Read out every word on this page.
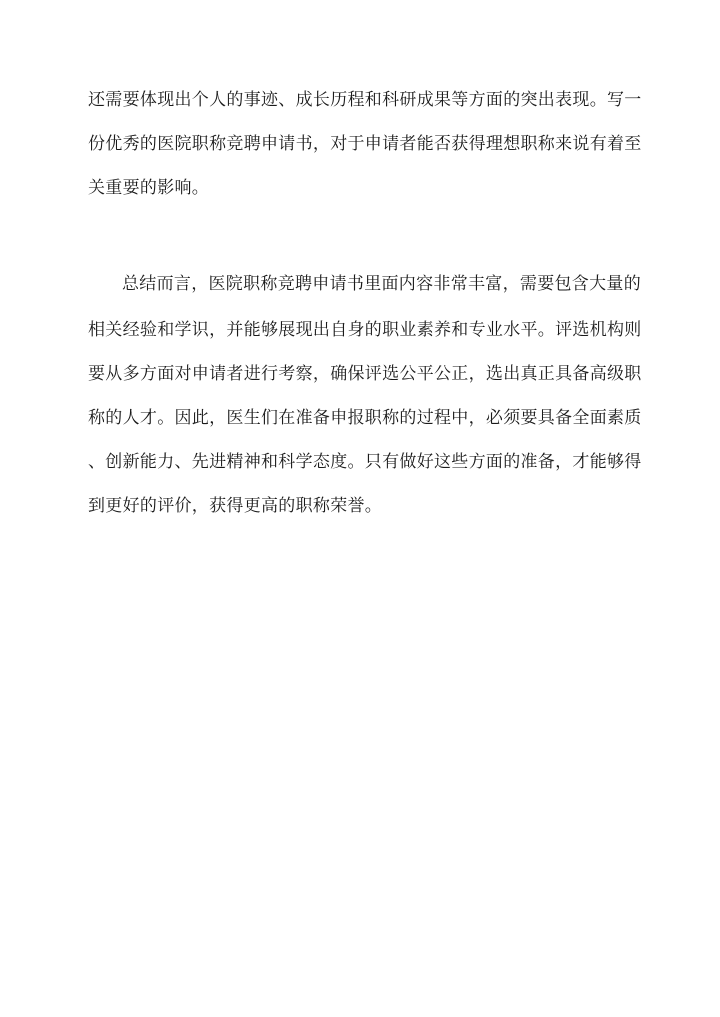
还需要体现出个人的事迹、成长历程和科研成果等方面的突出表现。写一
份优秀的医院职称竞聘申请书，对于申请者能否获得理想职称来说有着至
关重要的影响。
总结而言，医院职称竞聘申请书里面内容非常丰富，需要包含大量的
相关经验和学识，并能够展现出自身的职业素养和专业水平。评选机构则
要从多方面对申请者进行考察，确保评选公平公正，选出真正具备高级职
称的人才。因此，医生们在准备申报职称的过程中，必须要具备全面素质
、创新能力、先进精神和科学态度。只有做好这些方面的准备，才能够得
到更好的评价，获得更高的职称荣誉。
